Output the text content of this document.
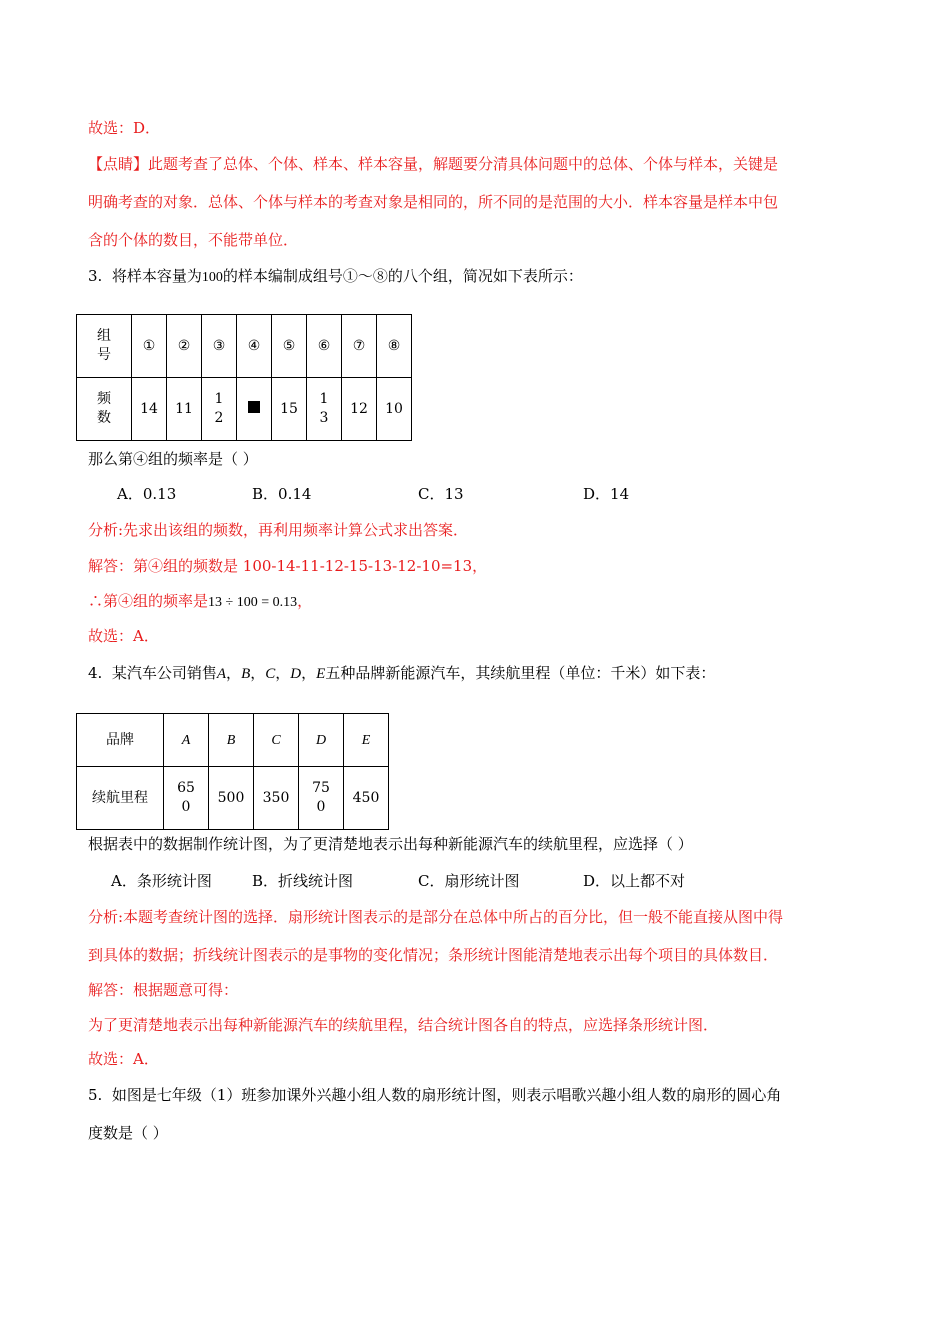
故选：D．
【点睛】此题考查了总体、个体、样本、样本容量，解题要分清具体问题中的总体、个体与样本，关键是
明确考查的对象．总体、个体与样本的考查对象是相同的，所不同的是范围的大小．样本容量是样本中包
含的个体的数目，不能带单位．
3. 将样本容量为100的样本编制成组号①～⑧的八个组，简况如下表所示：
组
号	①	②	③	④	⑤	⑥	⑦	⑧

频
数	14	11	1
2		15	1
3	12	10
那么第④组的频率是（ ）
A．0.13	B．0.14	C．13	D．14
分析:先求出该组的频数，再利用频率计算公式求出答案．
解答：第④组的频数是 100-14-11-12-15-13-12-10=13，
∴第④组的频率是13 ÷ 100 = 0.13，
故选：A．
4. 某汽车公司销售A，B，C，D，E五种品牌新能源汽车，其续航里程（单位：千米）如下表：
品牌	A	B	C	D	E
续航里程	65
0	500	350	75
0	450
根据表中的数据制作统计图，为了更清楚地表示出每种新能源汽车的续航里程，应选择（ ）
A．条形统计图	B．折线统计图	C．扇形统计图	D．以上都不对
分析:本题考查统计图的选择．扇形统计图表示的是部分在总体中所占的百分比，但一般不能直接从图中得
到具体的数据；折线统计图表示的是事物的变化情况；条形统计图能清楚地表示出每个项目的具体数目．
解答：根据题意可得：
为了更清楚地表示出每种新能源汽车的续航里程，结合统计图各自的特点，应选择条形统计图．
故选：A．
5. 如图是七年级（1）班参加课外兴趣小组人数的扇形统计图，则表示唱歌兴趣小组人数的扇形的圆心角
度数是（ ）
